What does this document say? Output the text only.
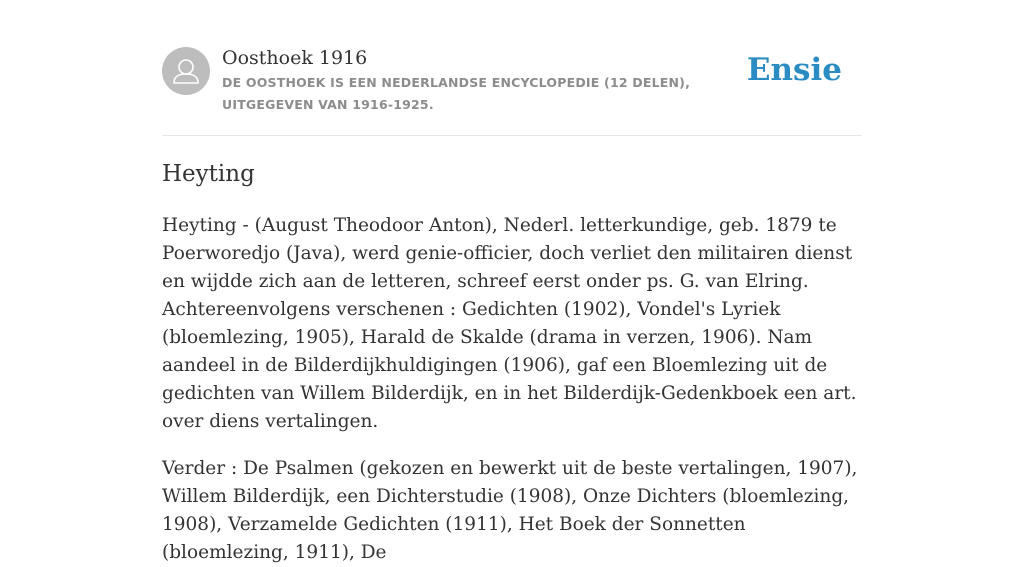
Oosthoek 1916
DE OOSTHOEK IS EEN NEDERLANDSE ENCYCLOPEDIE (12 DELEN), UITGEGEVEN VAN 1916-1925.
Ensie
Heyting

Heyting - (August Theodoor Anton), Nederl. letterkundige, geb. 1879 te Poerworedjo (Java), werd genie-officier, doch verliet den militairen dienst en wijdde zich aan de letteren, schreef eerst onder ps. G. van Elring. Achtereenvolgens verschenen : Gedichten (1902), Vondel's Lyriek (bloemlezing, 1905), Harald de Skalde (drama in verzen, 1906). Nam aandeel in de Bilderdijkhuldigingen (1906), gaf een Bloemlezing uit de gedichten van Willem Bilderdijk, en in het Bilderdijk-Gedenkboek een art. over diens vertalingen.

Verder : De Psalmen (gekozen en bewerkt uit de beste vertalingen, 1907), Willem Bilderdijk, een Dichterstudie (1908), Onze Dichters (bloemlezing, 1908), Verzamelde Gedichten (1911), Het Boek der Sonnetten (bloemlezing, 1911), De
